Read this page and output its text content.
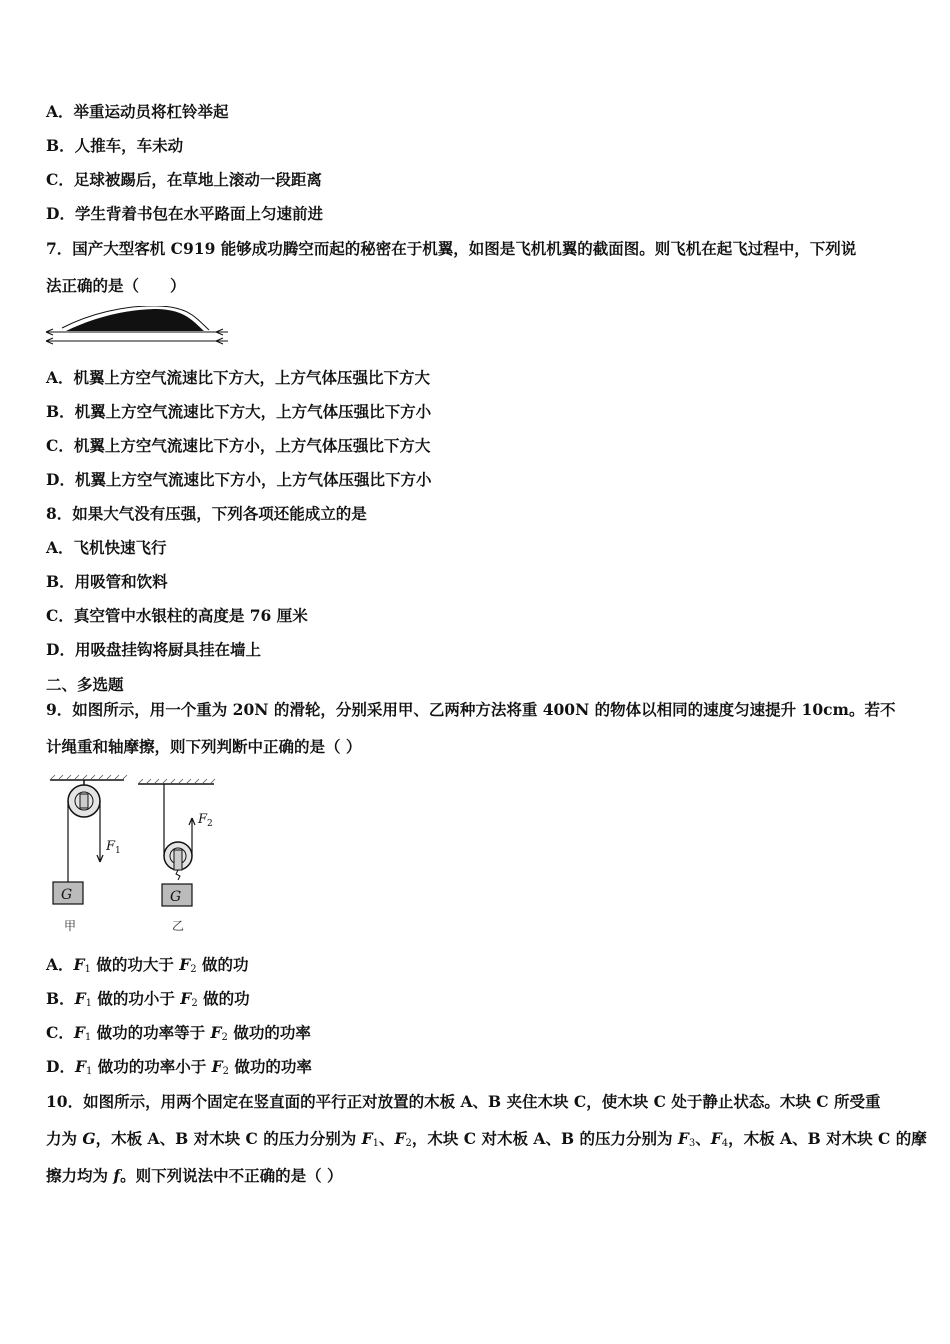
A．举重运动员将杠铃举起
B．人推车，车未动
C．足球被踢后，在草地上滚动一段距离
D．学生背着书包在水平路面上匀速前进
7．国产大型客机 C919 能够成功腾空而起的秘密在于机翼，如图是飞机机翼的截面图。则飞机在起飞过程中，下列说
法正确的是（　　）
A．机翼上方空气流速比下方大，上方气体压强比下方大
B．机翼上方空气流速比下方大，上方气体压强比下方小
C．机翼上方空气流速比下方小，上方气体压强比下方大
D．机翼上方空气流速比下方小，上方气体压强比下方小
8．如果大气没有压强，下列各项还能成立的是
A．飞机快速飞行
B．用吸管和饮料
C．真空管中水银柱的高度是 76 厘米
D．用吸盘挂钩将厨具挂在墙上
二、多选题
9．如图所示，用一个重为 20N 的滑轮，分别采用甲、乙两种方法将重 400N 的物体以相同的速度匀速提升 10cm。若不
计绳重和轴摩擦，则下列判断中正确的是（ ）
G
F 1
甲
G
F 2
乙
A．$F_1$ 做的功大于 $F_2$ 做的功
B．$F_1$ 做的功小于 $F_2$ 做的功
C．$F_1$ 做功的功率等于 $F_2$ 做功的功率
D．$F_1$ 做功的功率小于 $F_2$ 做功的功率
10．如图所示，用两个固定在竖直面的平行正对放置的木板 A、B 夹住木块 C，使木块 C 处于静止状态。木块 C 所受重
力为 G，木板 A、B 对木块 C 的压力分别为 $F_1$、$F_2$，木块 C 对木板 A、B 的压力分别为 $F_3$、$F_4$，木板 A、B 对木块 C 的摩
擦力均为 f。则下列说法中不正确的是（ ）
